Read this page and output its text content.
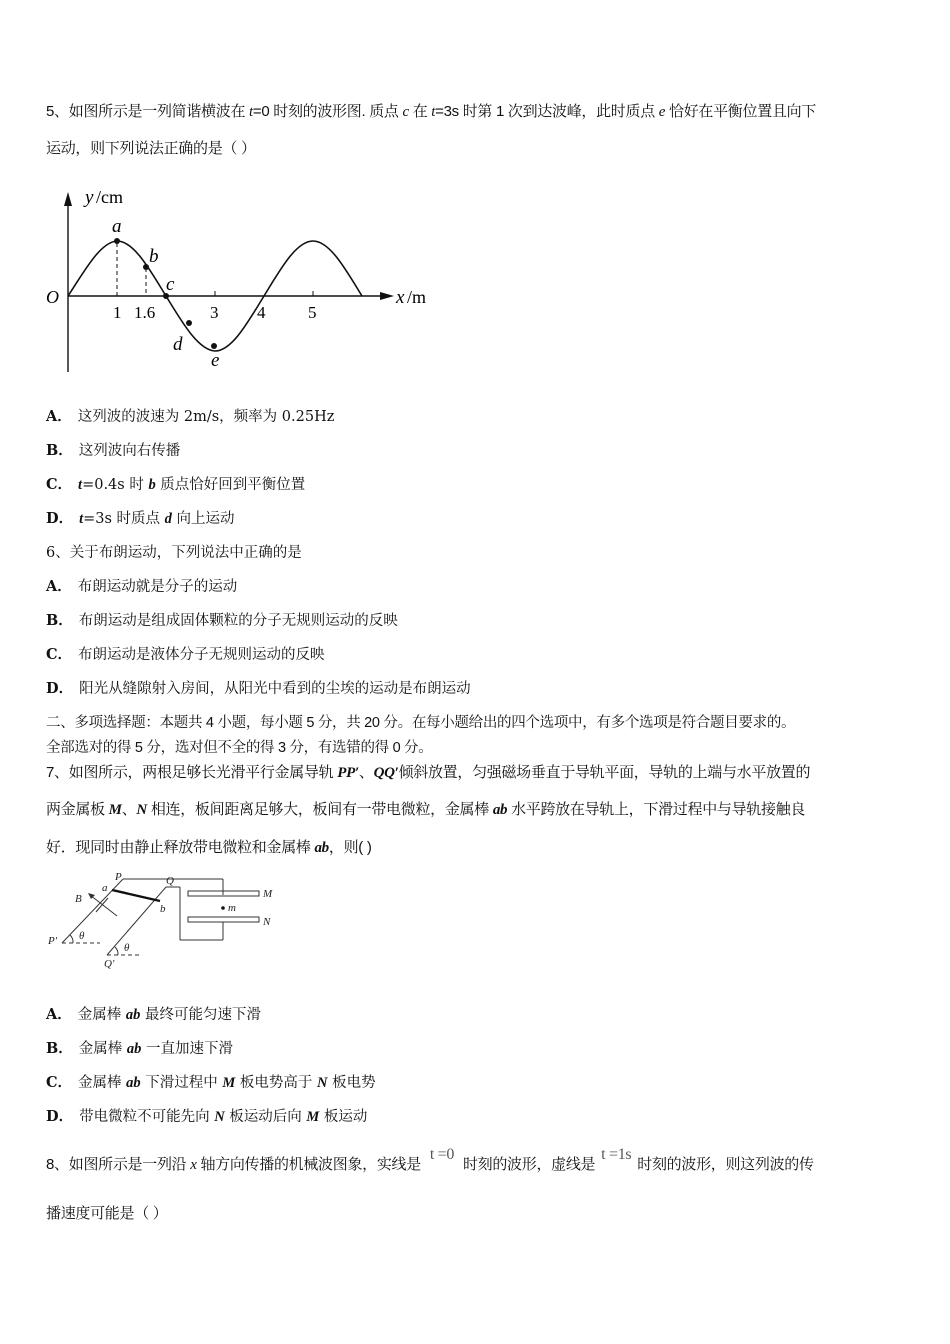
5、如图所示是一列简谐横波在 t=0 时刻的波形图. 质点 c 在 t=3s 时第 1 次到达波峰，此时质点 e 恰好在平衡位置且向下
运动，则下列说法正确的是（ ）
y /cm
x /m
O
a
b
c
d
e
1 1.6	3 4	5
A． 这列波的波速为 2m/s，频率为 0.25Hz
B． 这列波向右传播
C． t=0.4s 时 b 质点恰好回到平衡位置
D． t=3s 时质点 d 向上运动
6、关于布朗运动，下列说法中正确的是
A． 布朗运动就是分子的运动
B． 布朗运动是组成固体颗粒的分子无规则运动的反映
C． 布朗运动是液体分子无规则运动的反映
D． 阳光从缝隙射入房间，从阳光中看到的尘埃的运动是布朗运动
二、多项选择题：本题共 4 小题，每小题 5 分，共 20 分。在每小题给出的四个选项中，有多个选项是符合题目要求的。
全部选对的得 5 分，选对但不全的得 3 分，有选错的得 0 分。
7、如图所示，两根足够长光滑平行金属导轨 PP′、QQ′倾斜放置，匀强磁场垂直于导轨平面，导轨的上端与水平放置的
两金属板 M、N 相连，板间距离足够大，板间有一带电微粒，金属棒 ab 水平跨放在导轨上，下滑过程中与导轨接触良
好．现同时由静止释放带电微粒和金属棒 ab，则( )
P	Q
a
b
B	M
N
m
P′
Q′
θ
θ
A． 金属棒 ab 最终可能匀速下滑
B． 金属棒 ab 一直加速下滑
C． 金属棒 ab 下滑过程中 M 板电势高于 N 板电势
D． 带电微粒不可能先向 N 板运动后向 M 板运动
8、如图所示是一列沿 x 轴方向传播的机械波图象，实线是t =0时刻的波形，虚线是t =1s时刻的波形，则这列波的传
播速度可能是（ ）
